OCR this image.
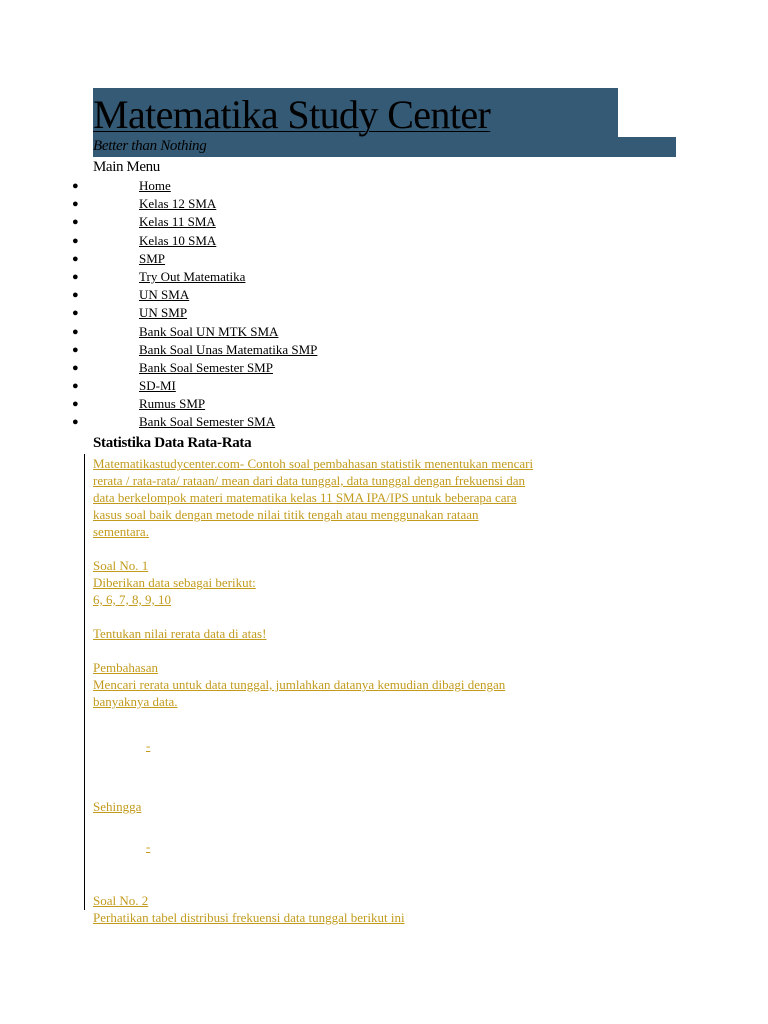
Matematika Study Center
Better than Nothing
Main Menu
●	Home
●	Kelas 12 SMA
●	Kelas 11 SMA
●	Kelas 10 SMA
●	SMP
●	Try Out Matematika
●	UN SMA
●	UN SMP
●	Bank Soal UN MTK SMA
●	Bank Soal Unas Matematika SMP
●	Bank Soal Semester SMP
●	SD-MI
●	Rumus SMP
●	Bank Soal Semester SMA
Statistika Data Rata-Rata

Matematikastudycenter.com- Contoh soal pembahasan statistik menentukan mencari

rerata / rata-rata/ rataan/ mean dari data tunggal, data tunggal dengan frekuensi dan

data berkelompok materi matematika kelas 11 SMA IPA/IPS untuk beberapa cara

kasus soal baik dengan metode nilai titik tengah atau menggunakan rataan

sementara.

Soal No. 1

Diberikan data sebagai berikut:

6, 6, 7, 8, 9, 10

Tentukan nilai rerata data di atas!

Pembahasan

Mencari rerata untuk data tunggal, jumlahkan datanya kemudian dibagi dengan

banyaknya data.

-

Sehingga

-

Soal No. 2

Perhatikan tabel distribusi frekuensi data tunggal berikut ini
